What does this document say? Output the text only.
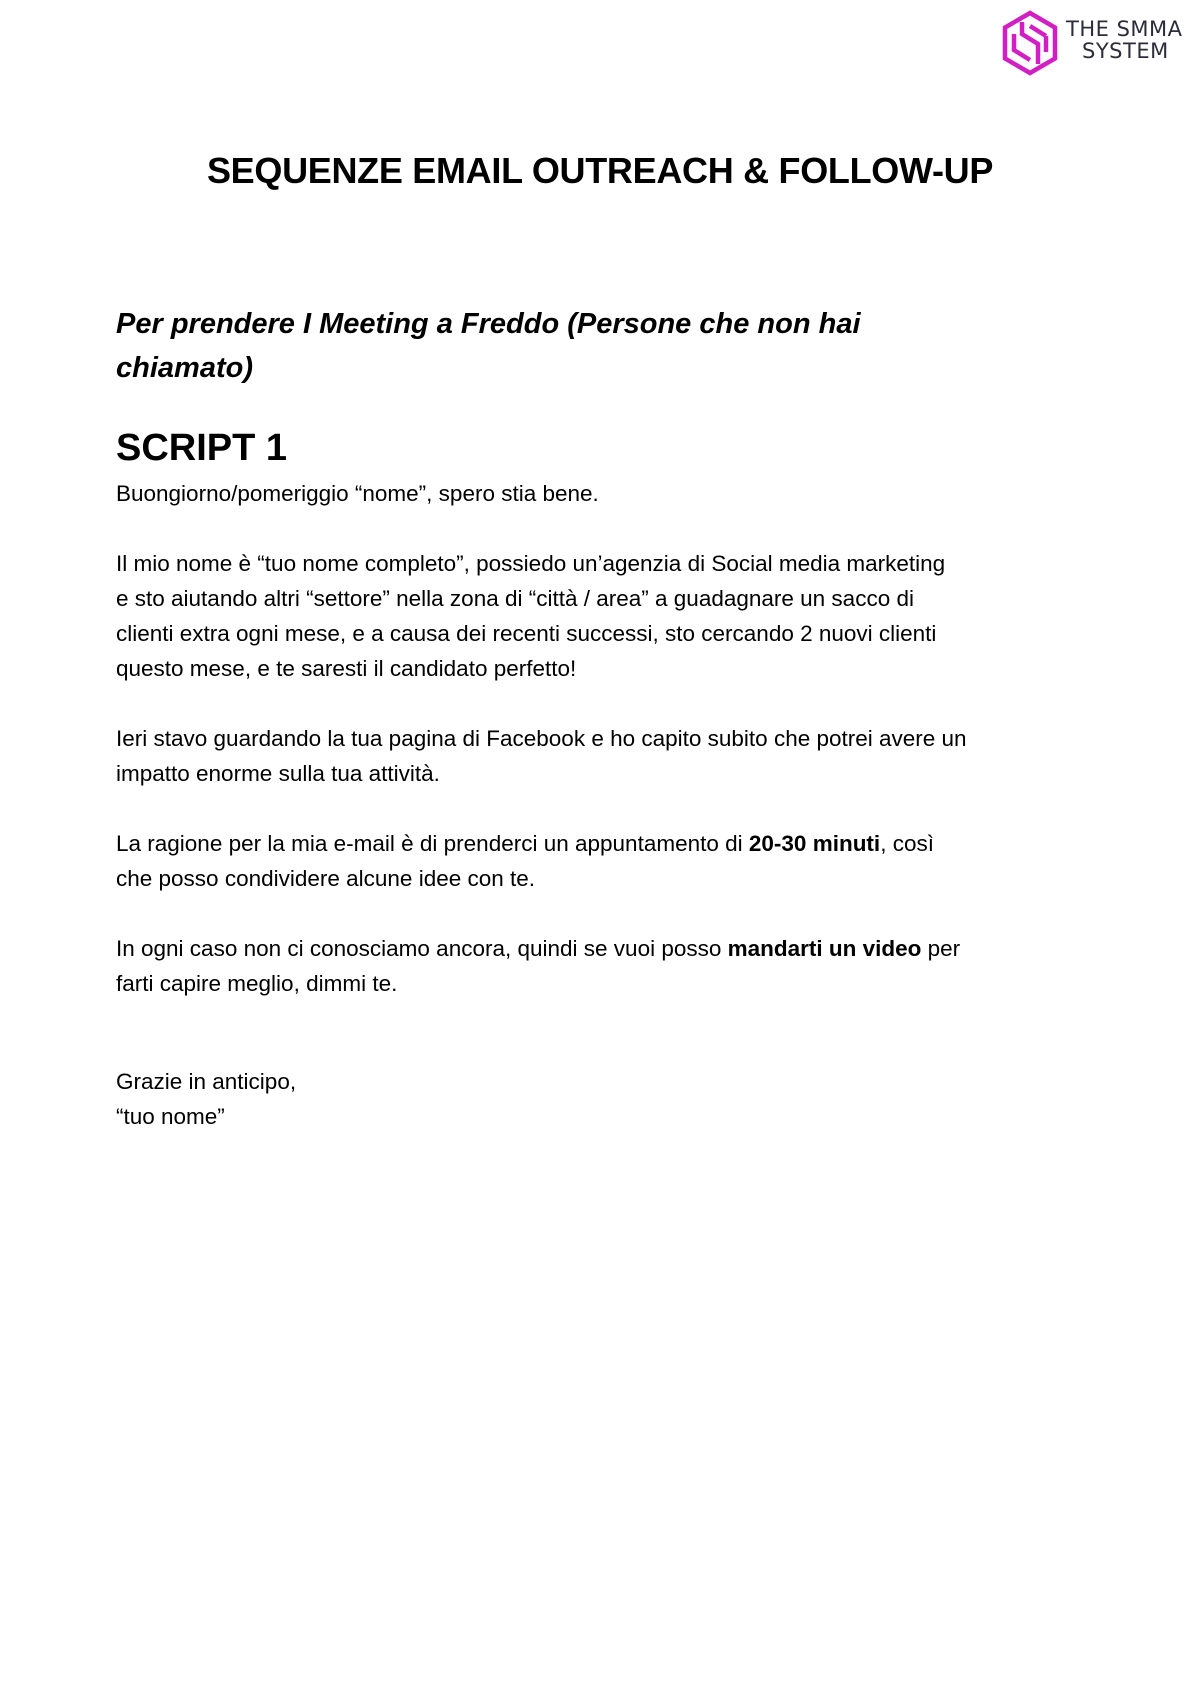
THE SMMA
SYSTEM
SEQUENZE EMAIL OUTREACH & FOLLOW-UP
Per prendere I Meeting a Freddo (Persone che non hai
chiamato)
SCRIPT 1

Buongiorno/pomeriggio “nome”, spero stia bene.

Il mio nome è “tuo nome completo”, possiedo un’agenzia di Social media marketing
e sto aiutando altri “settore” nella zona di “città / area” a guadagnare un sacco di
clienti extra ogni mese, e a causa dei recenti successi, sto cercando 2 nuovi clienti
questo mese, e te saresti il candidato perfetto!

Ieri stavo guardando la tua pagina di Facebook e ho capito subito che potrei avere un
impatto enorme sulla tua attività.

La ragione per la mia e-mail è di prenderci un appuntamento di 20-30 minuti, così
che posso condividere alcune idee con te.

In ogni caso non ci conosciamo ancora, quindi se vuoi posso mandarti un video per
farti capire meglio, dimmi te.

Grazie in anticipo,
“tuo nome”
